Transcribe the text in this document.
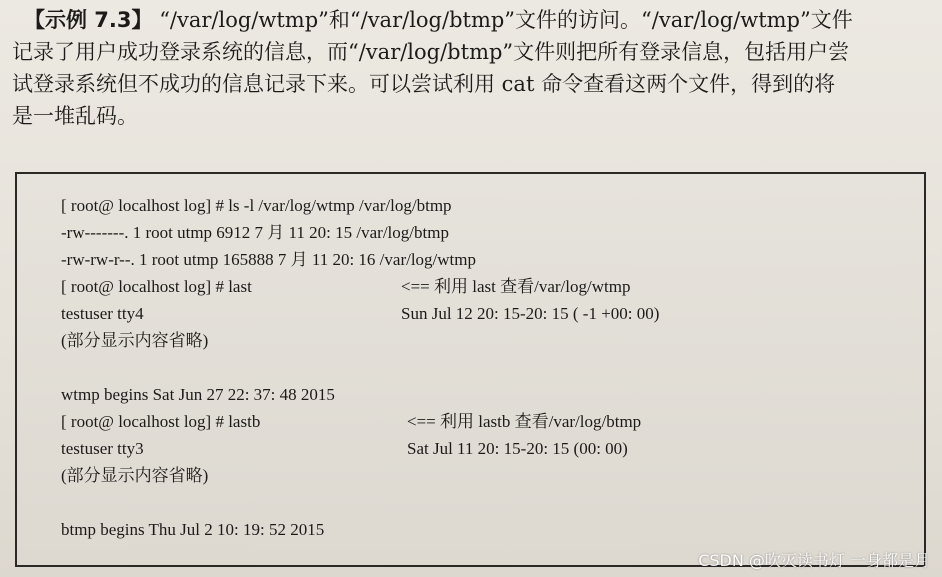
【示例 7.3】 “/var/log/wtmp”和“/var/log/btmp”文件的访问。“/var/log/wtmp”文件
记录了用户成功登录系统的信息，而“/var/log/btmp”文件则把所有登录信息，包括用户尝
试登录系统但不成功的信息记录下来。可以尝试利用 cat 命令查看这两个文件，得到的将
是一堆乱码。
[ root@ localhost log] # ls -l /var/log/wtmp /var/log/btmp
-rw-------. 1 root utmp 6912 7 月 11 20: 15 /var/log/btmp
-rw-rw-r--. 1 root utmp 165888 7 月 11 20: 16 /var/log/wtmp
[ root@ localhost log] # last	<== 利用 last 查看/var/log/wtmp
testuser tty4	Sun Jul 12 20: 15-20: 15 ( -1 +00: 00)
(部分显示内容省略)
wtmp begins Sat Jun 27 22: 37: 48 2015
[ root@ localhost log] # lastb	<== 利用 lastb 查看/var/log/btmp
testuser tty3	Sat Jul 11 20: 15-20: 15 (00: 00)
(部分显示内容省略)
btmp begins Thu Jul 2 10: 19: 52 2015
CSDN @吹灭读书灯 一身都是月
